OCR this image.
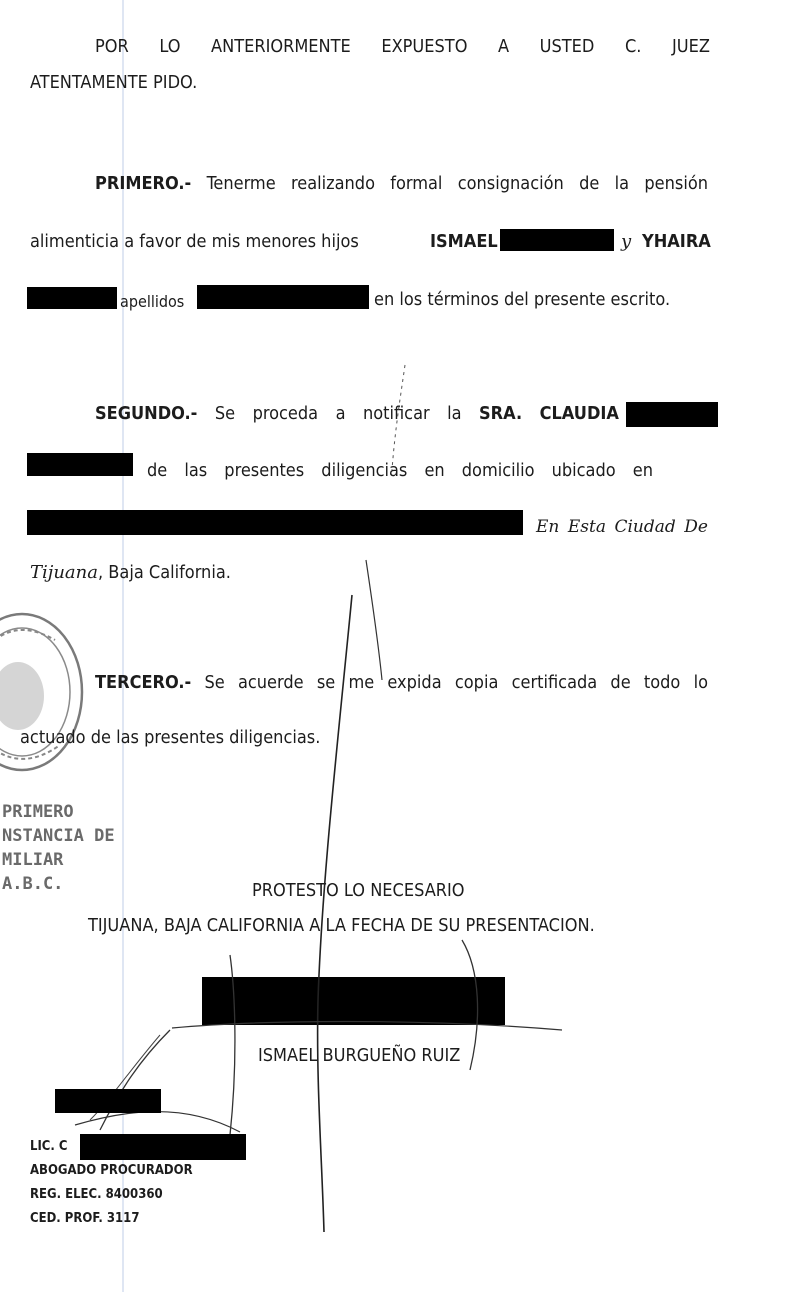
POR LO ANTERIORMENTE EXPUESTO A USTED C. JUEZ
ATENTAMENTE PIDO.
PRIMERO.- Tenerme realizando formal consignación de la pensión
alimenticia a favor de mis menores hijos	ISMAEL	y YHAIRA
apellidos	en los términos del presente escrito.
SEGUNDO.- Se proceda a notificar la SRA. CLAUDIA
de las presentes diligencias en domicilio ubicado en
En Esta Ciudad De
Tijuana, Baja California.
PRIMERO
NSTANCIA DE
MILIAR
A.B.C.
TERCERO.- Se acuerde se me expida copia certificada de todo lo
actuado de las presentes diligencias.
PROTESTO LO NECESARIO
TIJUANA, BAJA CALIFORNIA A LA FECHA DE SU PRESENTACION.
ISMAEL BURGUEÑO RUIZ
LIC. C
ABOGADO PROCURADOR
REG. ELEC. 8400360
CED. PROF. 3117
